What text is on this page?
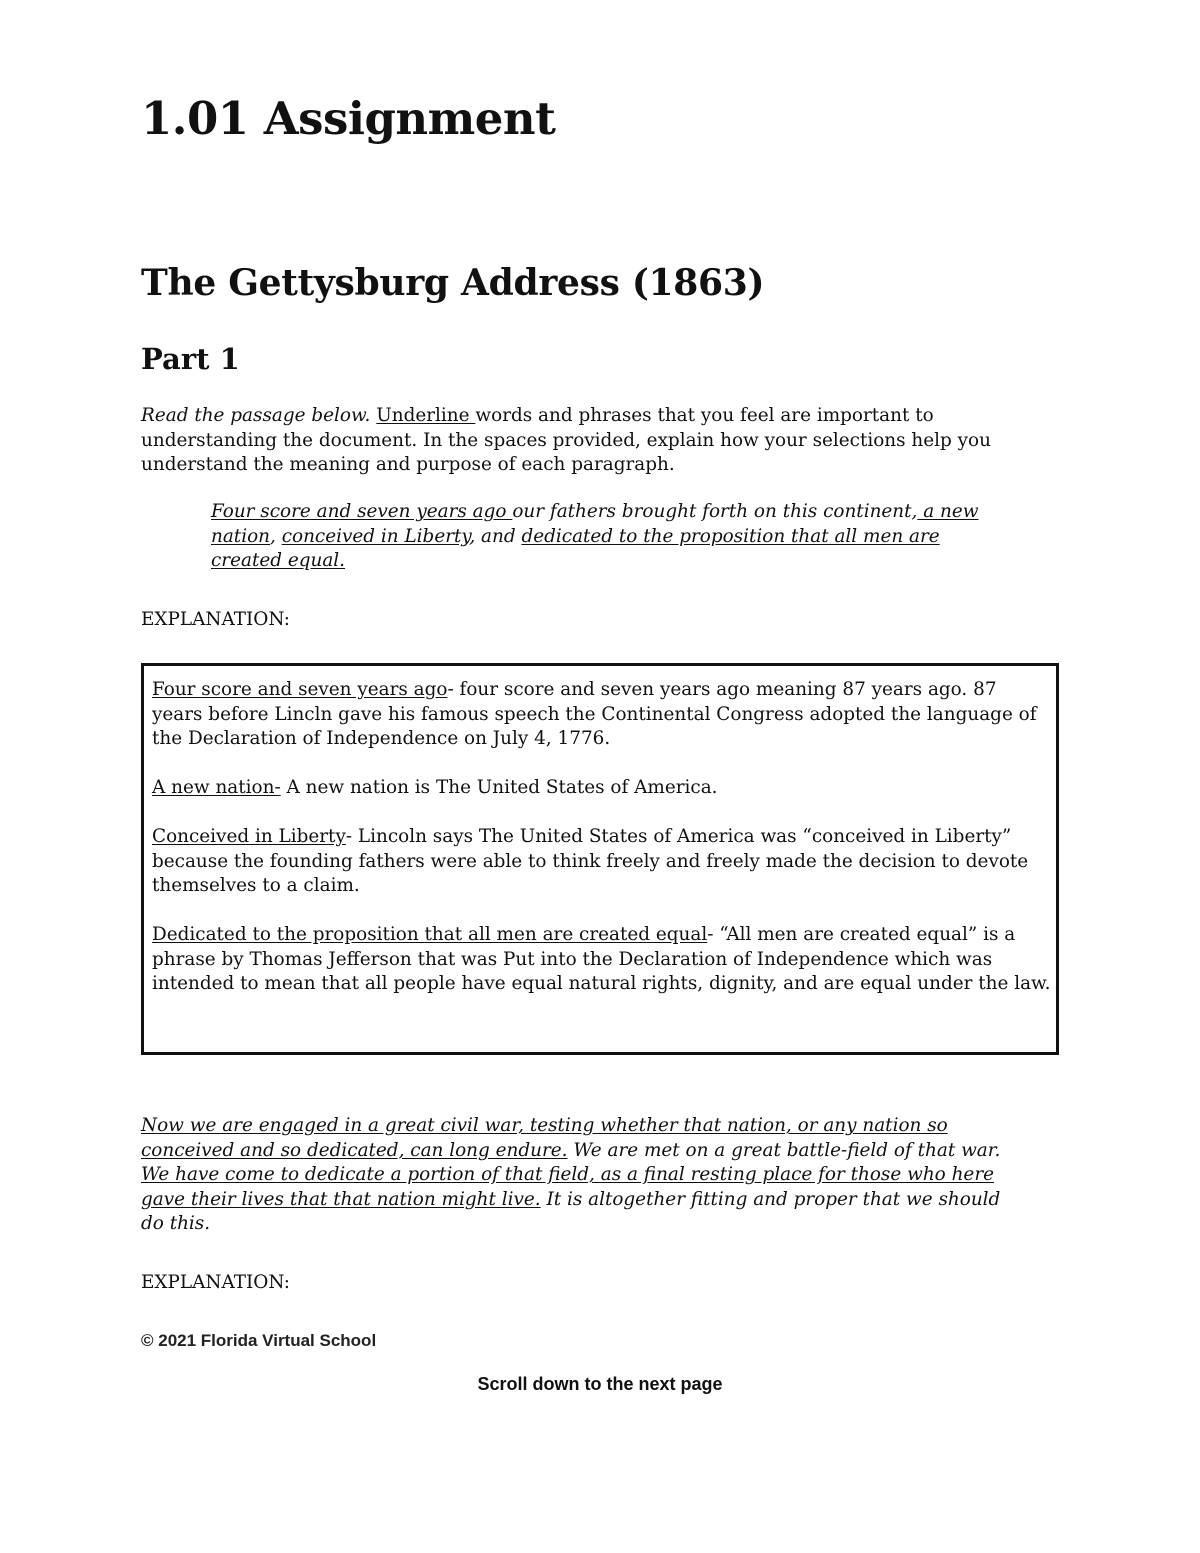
1.01 Assignment
The Gettysburg Address (1863)
Part 1

Read the passage below. Underline words and phrases that you feel are important to understanding the document. In the spaces provided, explain how your selections help you understand the meaning and purpose of each paragraph.

Four score and seven years ago our fathers brought forth on this continent, a new nation, conceived in Liberty, and dedicated to the proposition that all men are created equal.

EXPLANATION:

Four score and seven years ago- four score and seven years ago meaning 87 years ago. 87 years before Lincln gave his famous speech the Continental Congress adopted the language of the Declaration of Independence on July 4, 1776.

A new nation- A new nation is The United States of America.

Conceived in Liberty- Lincoln says The United States of America was “conceived in Liberty” because the founding fathers were able to think freely and freely made the decision to devote themselves to a claim.

Dedicated to the proposition that all men are created equal- “All men are created equal” is a phrase by Thomas Jefferson that was Put into the Declaration of Independence which was intended to mean that all people have equal natural rights, dignity, and are equal under the law.

Now we are engaged in a great civil war, testing whether that nation, or any nation so conceived and so dedicated, can long endure. We are met on a great battle-field of that war. We have come to dedicate a portion of that field, as a final resting place for those who here gave their lives that that nation might live. It is altogether fitting and proper that we should do this.

EXPLANATION:

© 2021 Florida Virtual School

Scroll down to the next page
